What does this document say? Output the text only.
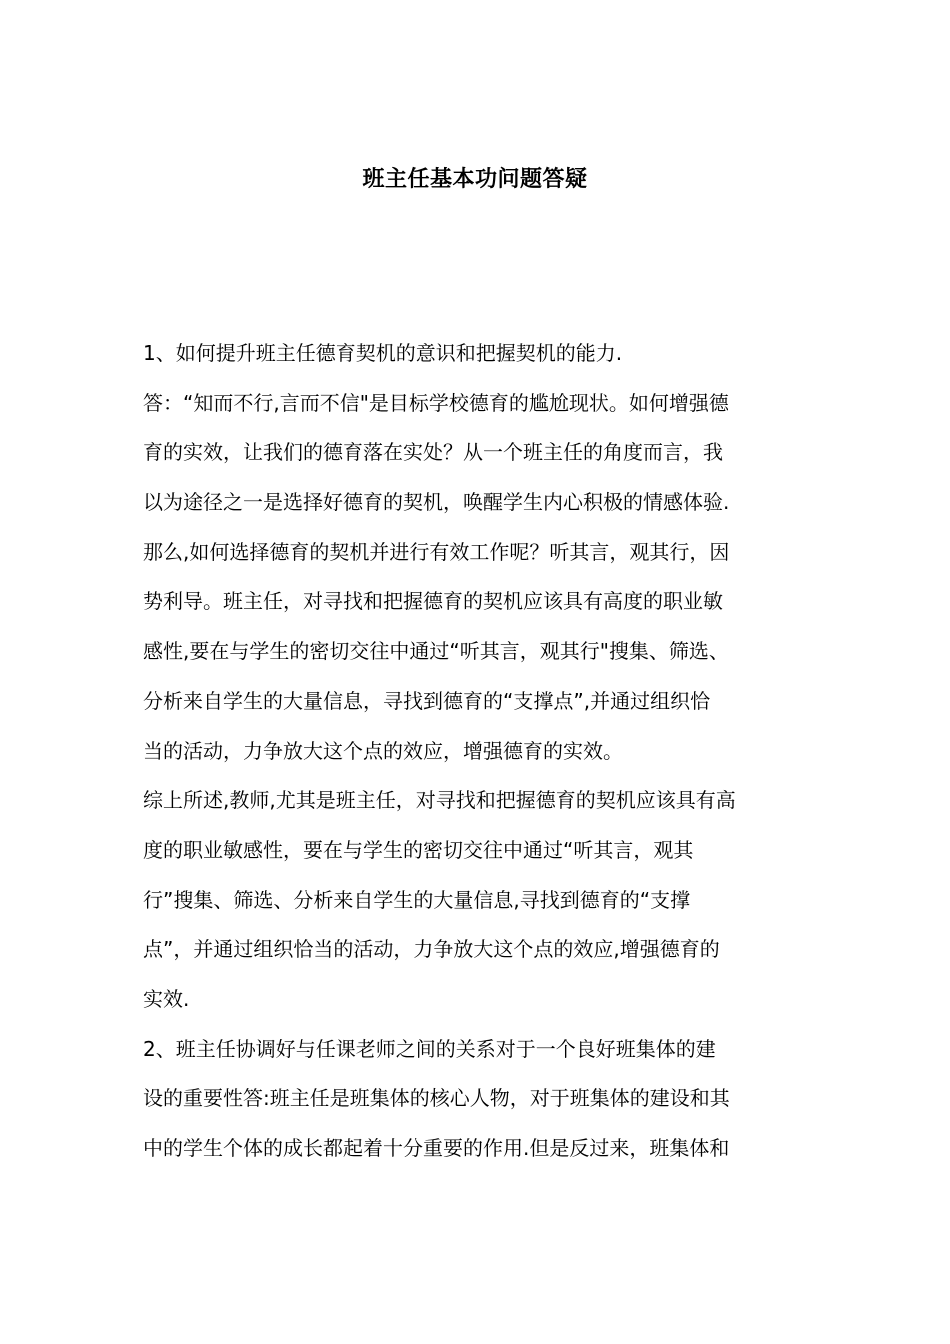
班主任基本功问题答疑
1、如何提升班主任德育契机的意识和把握契机的能力.
答：“知而不行,言而不信"是目标学校德育的尴尬现状。如何增强德
育的实效，让我们的德育落在实处？从一个班主任的角度而言，我
以为途径之一是选择好德育的契机，唤醒学生内心积极的情感体验.
那么,如何选择德育的契机并进行有效工作呢？听其言，观其行，因
势利导。班主任，对寻找和把握德育的契机应该具有高度的职业敏
感性,要在与学生的密切交往中通过“听其言，观其行"搜集、筛选、
分析来自学生的大量信息，寻找到德育的“支撑点”,并通过组织恰
当的活动，力争放大这个点的效应，增强德育的实效。
综上所述,教师,尤其是班主任，对寻找和把握德育的契机应该具有高
度的职业敏感性，要在与学生的密切交往中通过“听其言，观其
行”搜集、筛选、分析来自学生的大量信息,寻找到德育的“支撑
点”，并通过组织恰当的活动，力争放大这个点的效应,增强德育的
实效.
2、班主任协调好与任课老师之间的关系对于一个良好班集体的建
设的重要性答:班主任是班集体的核心人物，对于班集体的建设和其
中的学生个体的成长都起着十分重要的作用.但是反过来，班集体和
